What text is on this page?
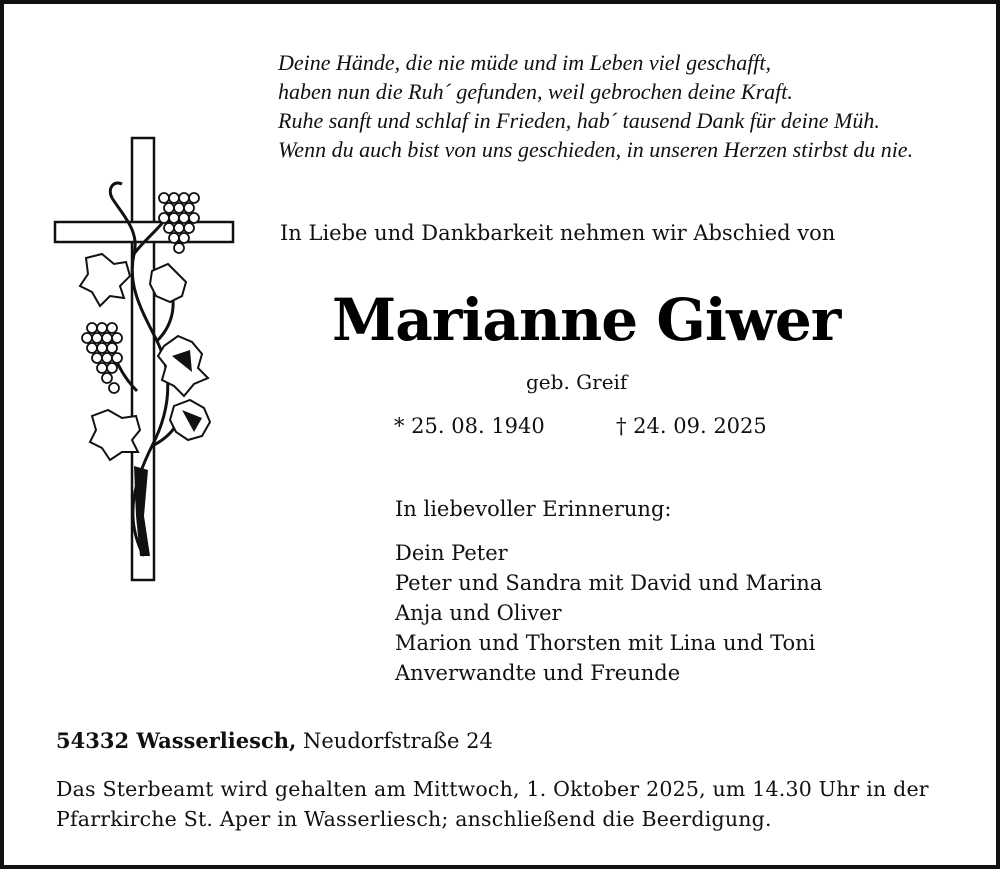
Deine Hände, die nie müde und im Leben viel geschafft,
haben nun die Ruh´ gefunden, weil gebrochen deine Kraft.
Ruhe sanft und schlaf in Frieden, hab´ tausend Dank für deine Müh.
Wenn du auch bist von uns geschieden, in unseren Herzen stirbst du nie.
In Liebe und Dankbarkeit nehmen wir Abschied von
Marianne Giwer
geb. Greif
* 25. 08. 1940	† 24. 09. 2025
In liebevoller Erinnerung:
Dein Peter
Peter und Sandra mit David und Marina
Anja und Oliver
Marion und Thorsten mit Lina und Toni
Anverwandte und Freunde
54332 Wasserliesch, Neudorfstraße 24
Das Sterbeamt wird gehalten am Mittwoch, 1. Oktober 2025, um 14.30 Uhr in der
Pfarrkirche St. Aper in Wasserliesch; anschließend die Beerdigung.
